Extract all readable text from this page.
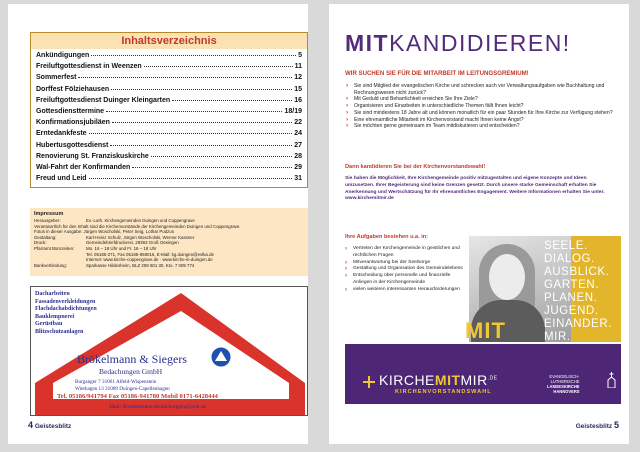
Inhaltsverzeichnis
Ankündigungen	5
Freiluftgottesdienst in Weenzen	11
Sommerfest	12
Dorffest Fölziehausen	15
Freiluftgottesdienst Duinger Kleingarten	16
Gottesdiensttermine	18/19
Konfirmationsjubiläen	22
Erntedankfeste	24
Hubertusgottesdienst	27
Renovierung St. Franziskuskirche	28
Wal-Fahrt der Konfirmanden	29
Freud und Leid	31
Impressum
Herausgeber:	Ev.-Luth. Kirchengemeinden Duingen und Coppengrave
Verantwortlich für den Inhalt sind die Kirchenvorstände der Kirchengemeinden Duingen und Coppengrave.
Fotos in dieser Ausgabe: Jürgen Woscholski, Peter Seig, Lothar Podzus
Gestaltung:	Karl-Heinz Schulz, Jürgen Woscholski, Werner Kassner
Druck:	Gemeindebriefdruckerei, 29393 Groß Oesingen
Pfarramt Bürozeiten:	Mo. 16 – 18 Uhr und Fr. 16 – 18 Uhr
Tel. 05185-271, Fax 05185-958016, E-Mail: kg.duingen@evlka.de
Internet: www.kirche-coppengrave.de · www.kirche-in-duingen.de
Bankverbindung:	Sparkasse Hildesheim, BLZ 259 501 30, Kto. 7 009 774
Dacharbeiten
Fassadenverkleidungen
Flachdachabdichtungen
Bauklempnerei
Gerüstbau
Blitzschutzanlagen
Brökelmann & Siegers
Bedachungen GmbH
Burganger 7 31061 Alfeld-Wispenstein
Wiethagen 13 31089 Duingen-Capellenhagen
Tel. 05186/941794 Fax 05186-941780 Mobil 0171-6428444
Mail: Broekelmann-Bedachungen@web.de
4 Geistesblitz
MITKANDIDIEREN!
WIR SUCHEN SIE FÜR DIE MITARBEIT IM LEITUNGSGREMIUM!
› Sie sind Mitglied der evangelischen Kirche und schrecken auch vor Verwaltungsaufgaben wie Buchhaltung und Rechnungswesen nicht zurück?
› Mit Geduld und Beharrlichkeit erreichen Sie Ihre Ziele?
› Organisieren und Einarbeiten in unterschiedliche Themen fällt Ihnen leicht?
› Sie sind mindestens 18 Jahre alt und können monatlich für ein paar Stunden für Ihre Kirche zur Verfügung stehen?
› Eine ehrenamtliche Mitarbeit im Kirchenvorstand macht Ihnen keine Angst?
› Sie möchten gerne gemeinsam im Team mitdiskutieren und entscheiden?
Dann kandidieren Sie bei der Kirchenvorstandswahl!
Sie haben die Möglichkeit, Ihre Kirchengemeinde positiv mitzugestalten und eigene Konzepte und Ideen umzusetzen. Ihrer Begeisterung sind keine Grenzen gesetzt. Durch unsere starke Gemeinschaft erhalten Sie Anerkennung und Wertschätzung für Ihr ehrenamtliches Engagement. Weitere Informationen erhalten Sie unter. www.kirchemitmir.de
Ihre Aufgaben bestehen u.a. in:
› Vertreten der Kirchengemeinde in geistlichen und rechtlichen Fragen
› Mitverantwortung bei der Seelsorge
› Gestaltung und Organisation des Gemeindelebens
› Entscheidung über personelle und finanzielle Anliegen in der Kirchengemeinde
› vielen weiteren interessanten Herausforderungen
SEELE.
DIALOG.
AUSBLICK.
GARTEN.
PLANEN.
JUGEND.
EINANDER.
MIR.
MIT
$KIRCHEMITMIR^{.DE}$
KIRCHENVORSTANDSWAHL
EVANGELISCH-
LUTHERISCHE
LANDESKIRCHE
HANNOVERS
Geistesblitz 5
